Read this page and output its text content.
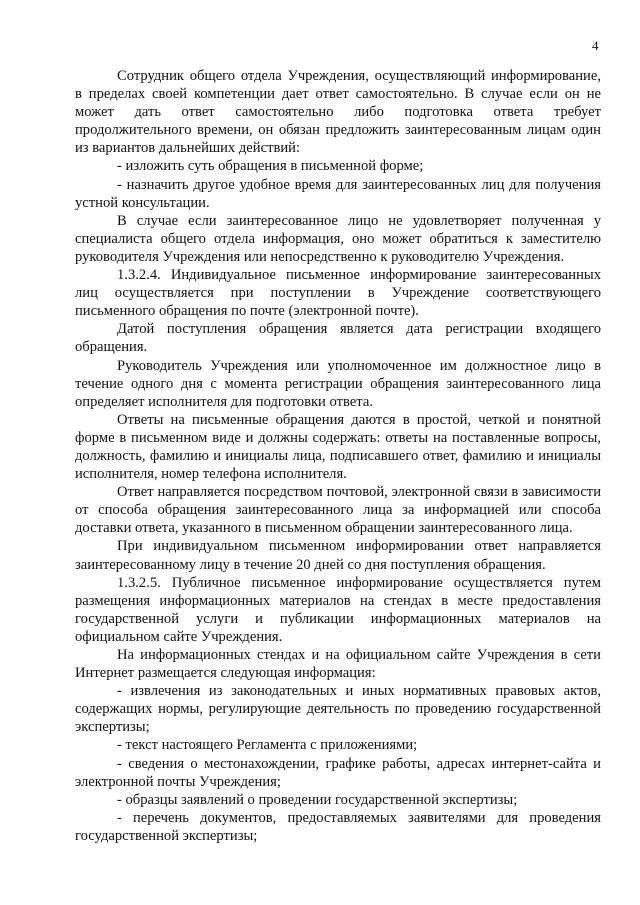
4

Сотрудник общего отдела Учреждения, осуществляющий информирование, в пределах своей компетенции дает ответ самостоятельно. В случае если он не может дать ответ самостоятельно либо подготовка ответа требует продолжительного времени, он обязан предложить заинтересованным лицам один из вариантов дальнейших действий:

- изложить суть обращения в письменной форме;

- назначить другое удобное время для заинтересованных лиц для получения устной консультации.

В случае если заинтересованное лицо не удовлетворяет полученная у специалиста общего отдела информация, оно может обратиться к заместителю руководителя Учреждения или непосредственно к руководителю Учреждения.

1.3.2.4. Индивидуальное письменное информирование заинтересованных лиц осуществляется при поступлении в Учреждение соответствующего письменного обращения по почте (электронной почте).

Датой поступления обращения является дата регистрации входящего обращения.

Руководитель Учреждения или уполномоченное им должностное лицо в течение одного дня с момента регистрации обращения заинтересованного лица определяет исполнителя для подготовки ответа.

Ответы на письменные обращения даются в простой, четкой и понятной форме в письменном виде и должны содержать: ответы на поставленные вопросы, должность, фамилию и инициалы лица, подписавшего ответ, фамилию и инициалы исполнителя, номер телефона исполнителя.

Ответ направляется посредством почтовой, электронной связи в зависимости от способа обращения заинтересованного лица за информацией или способа доставки ответа, указанного в письменном обращении заинтересованного лица.

При индивидуальном письменном информировании ответ направляется заинтересованному лицу в течение 20 дней со дня поступления обращения.

1.3.2.5. Публичное письменное информирование осуществляется путем размещения информационных материалов на стендах в месте предоставления государственной услуги и публикации информационных материалов на официальном сайте Учреждения.

На информационных стендах и на официальном сайте Учреждения в сети Интернет размещается следующая информация:

- извлечения из законодательных и иных нормативных правовых актов, содержащих нормы, регулирующие деятельность по проведению государственной экспертизы;

- текст настоящего Регламента с приложениями;

- сведения о местонахождении, графике работы, адресах интернет-сайта и электронной почты Учреждения;

- образцы заявлений о проведении государственной экспертизы;

- перечень документов, предоставляемых заявителями для проведения государственной экспертизы;
